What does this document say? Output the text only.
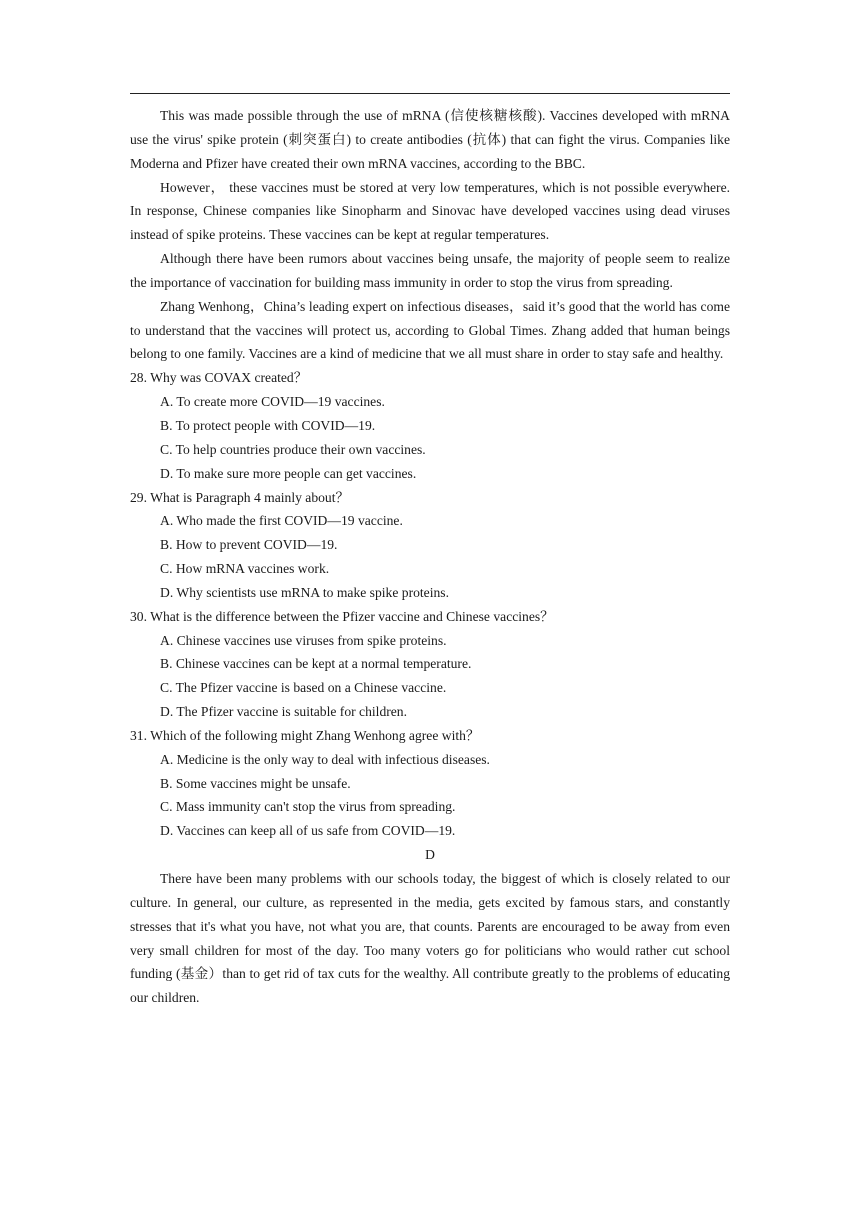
This was made possible through the use of mRNA (信使核糖核酸). Vaccines developed with mRNA use the virus' spike protein (刺突蛋白) to create antibodies (抗体) that can fight the virus. Companies like Moderna and Pfizer have created their own mRNA vaccines, according to the BBC.

However， these vaccines must be stored at very low temperatures, which is not possible everywhere. In response, Chinese companies like Sinopharm and Sinovac have developed vaccines using dead viruses instead of spike proteins. These vaccines can be kept at regular temperatures.

Although there have been rumors about vaccines being unsafe, the majority of people seem to realize the importance of vaccination for building mass immunity in order to stop the virus from spreading.

Zhang Wenhong，China’s leading expert on infectious diseases，said it’s good that the world has come to understand that the vaccines will protect us, according to Global Times. Zhang added that human beings belong to one family. Vaccines are a kind of medicine that we all must share in order to stay safe and healthy.

28. Why was COVAX created？

A. To create more COVID—19 vaccines.

B. To protect people with COVID—19.

C. To help countries produce their own vaccines.

D. To make sure more people can get vaccines.

29. What is Paragraph 4 mainly about？

A. Who made the first COVID—19 vaccine.

B. How to prevent COVID—19.

C. How mRNA vaccines work.

D. Why scientists use mRNA to make spike proteins.

30. What is the difference between the Pfizer vaccine and Chinese vaccines？

A. Chinese vaccines use viruses from spike proteins.

B. Chinese vaccines can be kept at a normal temperature.

C. The Pfizer vaccine is based on a Chinese vaccine.

D. The Pfizer vaccine is suitable for children.

31. Which of the following might Zhang Wenhong agree with？

A. Medicine is the only way to deal with infectious diseases.

B. Some vaccines might be unsafe.

C. Mass immunity can't stop the virus from spreading.

D. Vaccines can keep all of us safe from COVID—19.

D

There have been many problems with our schools today, the biggest of which is closely related to our culture. In general, our culture, as represented in the media, gets excited by famous stars, and constantly stresses that it's what you have, not what you are, that counts. Parents are encouraged to be away from even very small children for most of the day. Too many voters go for politicians who would rather cut school funding (基金）than to get rid of tax cuts for the wealthy. All contribute greatly to the problems of educating our children.
